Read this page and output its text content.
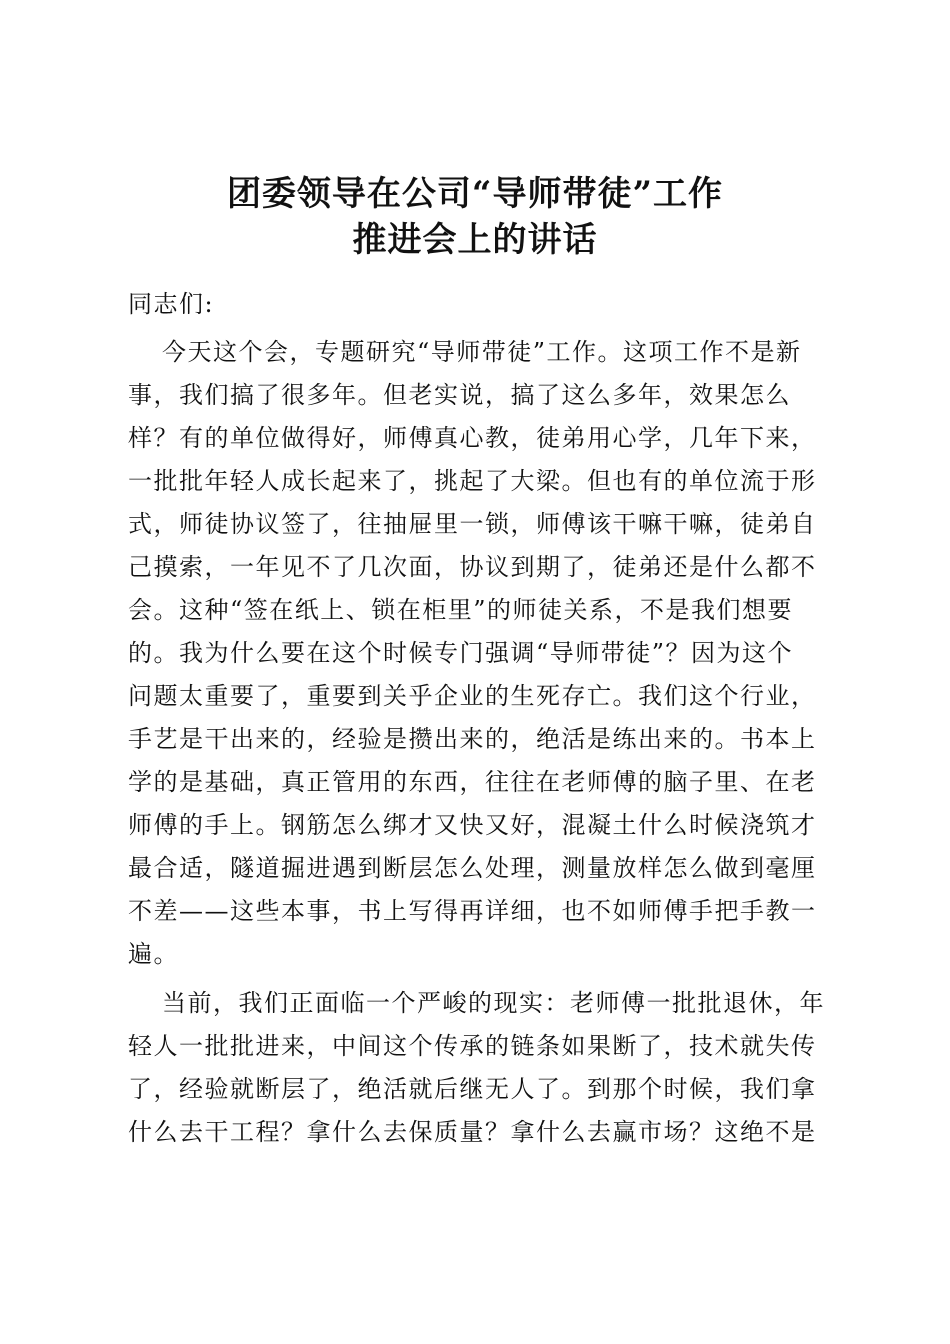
团委领导在公司“导师带徒”工作
推进会上的讲话
同志们:
今天这个会，专题研究“导师带徒”工作。这项工作不是新
事，我们搞了很多年。但老实说，搞了这么多年，效果怎么
样？有的单位做得好，师傅真心教，徒弟用心学，几年下来，
一批批年轻人成长起来了，挑起了大梁。但也有的单位流于形
式，师徒协议签了，往抽屉里一锁，师傅该干嘛干嘛，徒弟自
己摸索，一年见不了几次面，协议到期了，徒弟还是什么都不
会。这种“签在纸上、锁在柜里”的师徒关系，不是我们想要
的。我为什么要在这个时候专门强调“导师带徒”？因为这个
问题太重要了，重要到关乎企业的生死存亡。我们这个行业，
手艺是干出来的，经验是攒出来的，绝活是练出来的。书本上
学的是基础，真正管用的东西，往往在老师傅的脑子里、在老
师傅的手上。钢筋怎么绑才又快又好，混凝土什么时候浇筑才
最合适，隧道掘进遇到断层怎么处理，测量放样怎么做到毫厘
不差——这些本事，书上写得再详细，也不如师傅手把手教一
遍。
当前，我们正面临一个严峻的现实：老师傅一批批退休，年
轻人一批批进来，中间这个传承的链条如果断了，技术就失传
了，经验就断层了，绝活就后继无人了。到那个时候，我们拿
什么去干工程？拿什么去保质量？拿什么去赢市场？这绝不是
